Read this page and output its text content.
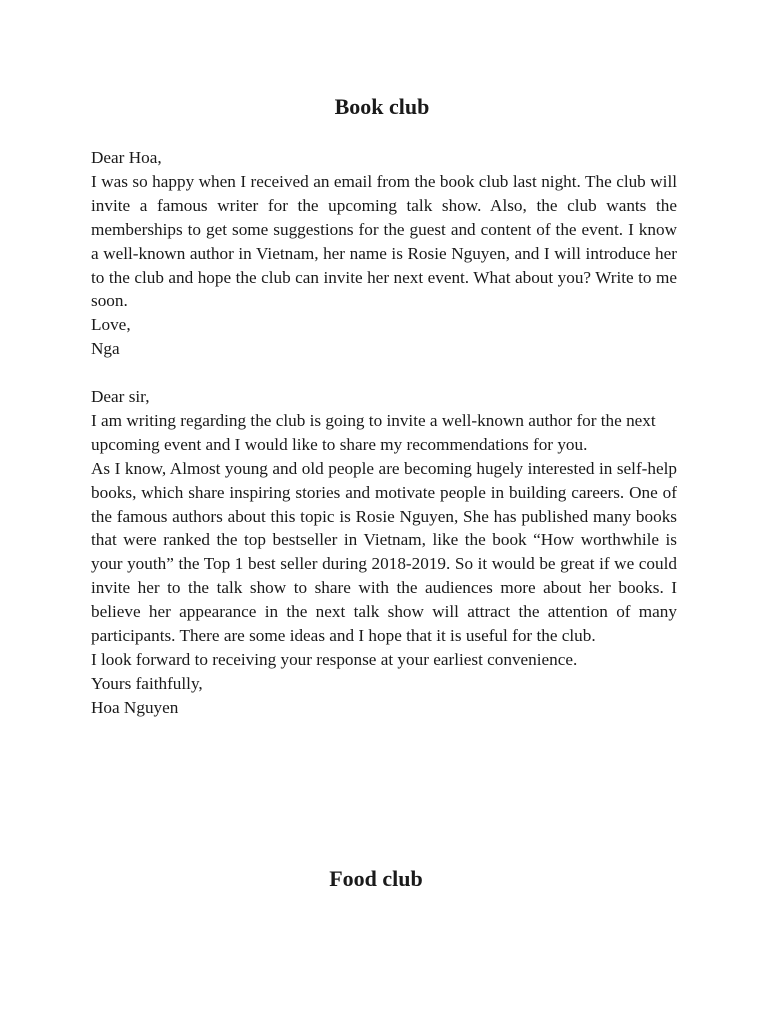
Book club

Dear Hoa,

I was so happy when I received an email from the book club last night. The club will invite a famous writer for the upcoming talk show. Also, the club wants the memberships to get some suggestions for the guest and content of the event. I know a well-known author in Vietnam, her name is Rosie Nguyen, and I will introduce her to the club and hope the club can invite her next event. What about you? Write to me soon.

Love,

Nga

Dear sir,

I am writing regarding the club is going to invite a well-known author for the next upcoming event and I would like to share my recommendations for you.

As I know, Almost young and old people are becoming hugely interested in self-help books, which share inspiring stories and motivate people in building careers. One of the famous authors about this topic is Rosie Nguyen, She has published many books that were ranked the top bestseller in Vietnam, like the book “How worthwhile is your youth” the Top 1 best seller during 2018-2019. So it would be great if we could invite her to the talk show to share with the audiences more about her books. I believe her appearance in the next talk show will attract the attention of many participants. There are some ideas and I hope that it is useful for the club.

I look forward to receiving your response at your earliest convenience.

Yours faithfully,

Hoa Nguyen

Food club
